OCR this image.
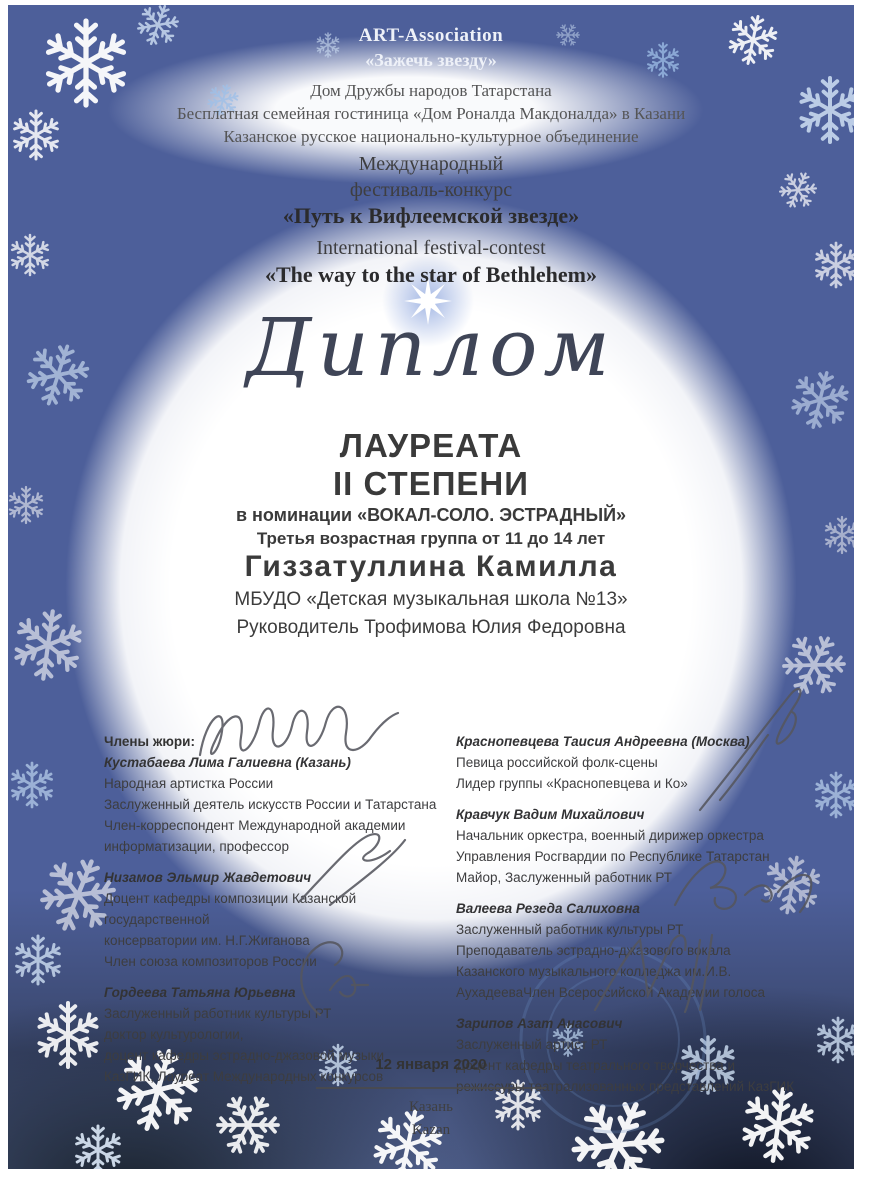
ART-Association
«Зажечь звезду»
Дом Дружбы народов Татарстана
Бесплатная семейная гостиница «Дом Роналда Макдоналда» в Казани
Казанское русское национально-культурное объединение
Международный
фестиваль-конкурс
«Путь к Вифлеемской звезде»
International festival-contest
«The way to the star of Bethlehem»
Диплом
ЛАУРЕАТА
II СТЕПЕНИ
в номинации «ВОКАЛ-СОЛО. ЭСТРАДНЫЙ»
Третья возрастная группа от 11 до 14 лет
Гиззатуллина Камилла
МБУДО «Детская музыкальная школа №13»
Руководитель Трофимова Юлия Федоровна
Члены жюри:
Кустабаева Лима Галиевна (Казань)
Народная артистка России
Заслуженный деятель искусств России и Татарстана
Член-корреспондент Международной академии
информатизации, профессор
Низамов Эльмир Жавдетович
Доцент кафедры композиции Казанской
государственной
консерватории им. Н.Г.Жиганова
Член союза композиторов России
Гордеева Татьяна Юрьевна
Заслуженный работник культуры РТ
доктор культурологии,
доцент кафедры эстрадно-джазовой музыки
КазГИК, Лауреат Международных конкурсов
Краснопевцева Таисия Андреевна (Москва)
Певица российской фолк-сцены
Лидер группы «Краснопевцева и Ко»
Кравчук Вадим Михайлович
Начальник оркестра, военный дирижер оркестра
Управления Росгвардии по Республике Татарстан
Майор, Заслуженный работник РТ
Валеева Резеда Салиховна
Заслуженный работник культуры РТ
Преподаватель эстрадно-джазового вокала
Казанского музыкального колледжа им.И.В.
АухадееваЧлен Всероссийской Академии голоса
Зарипов Азат Анасович
Заслуженный артист РТ
Доцент кафедры театрального творчества и
режиссуры театрализованных представлений КазГИК
12 января 2020
Казань
Kazan
